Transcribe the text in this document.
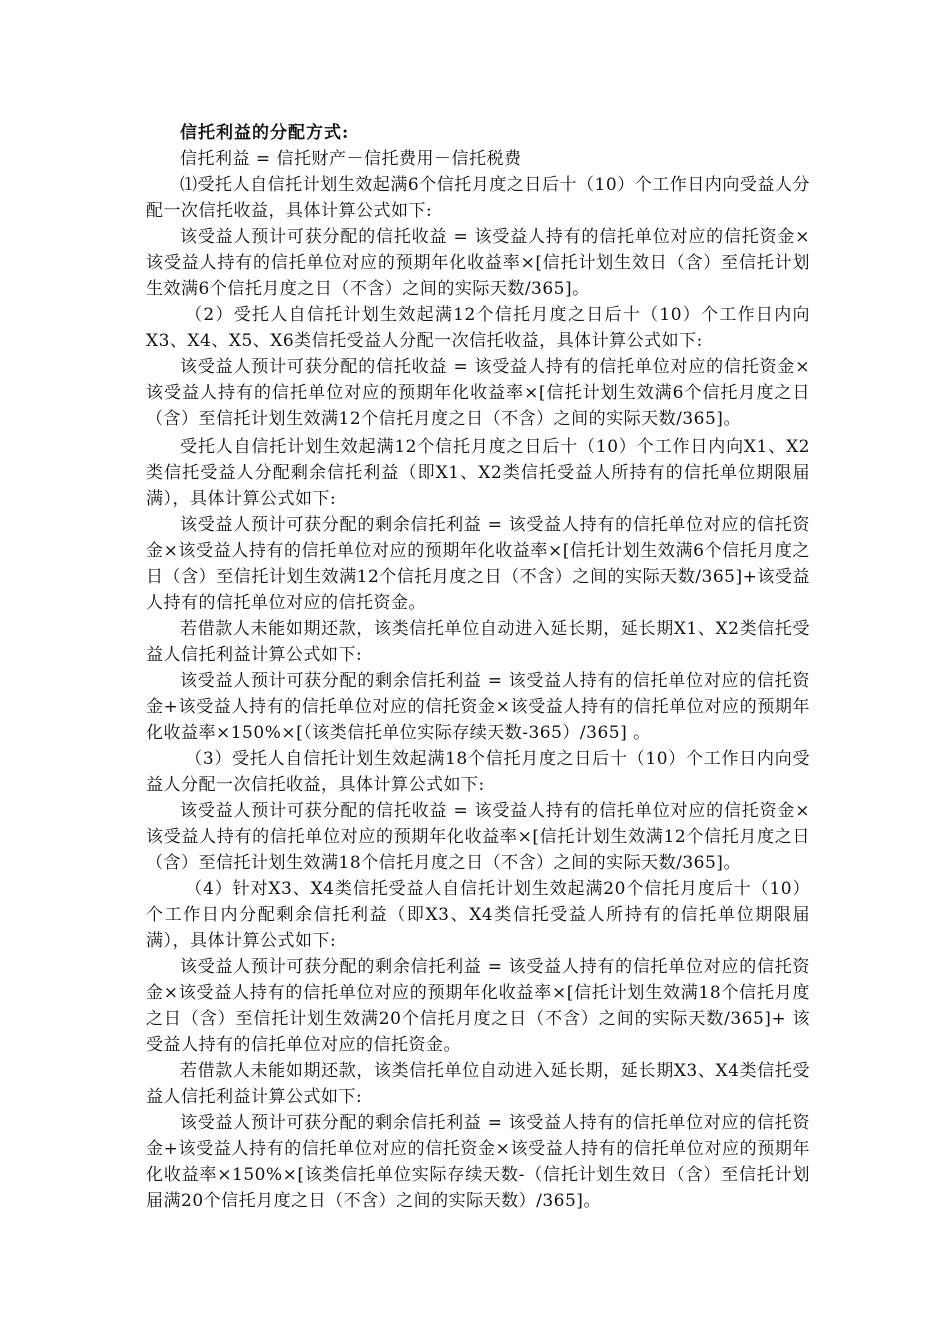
信托利益的分配方式:

信托利益 = 信托财产－信托费用－信托税费

⑴受托人自信托计划生效起满6个信托月度之日后十（10）个工作日内向受益人分配一次信托收益，具体计算公式如下:

该受益人预计可获分配的信托收益 = 该受益人持有的信托单位对应的信托资金×该受益人持有的信托单位对应的预期年化收益率×[信托计划生效日（含）至信托计划生效满6个信托月度之日（不含）之间的实际天数/365]。

（2）受托人自信托计划生效起满12个信托月度之日后十（10）个工作日内向X3、X4、X5、X6类信托受益人分配一次信托收益，具体计算公式如下:

该受益人预计可获分配的信托收益 = 该受益人持有的信托单位对应的信托资金×该受益人持有的信托单位对应的预期年化收益率×[信托计划生效满6个信托月度之日（含）至信托计划生效满12个信托月度之日（不含）之间的实际天数/365]。

受托人自信托计划生效起满12个信托月度之日后十（10）个工作日内向X1、X2类信托受益人分配剩余信托利益（即X1、X2类信托受益人所持有的信托单位期限届满），具体计算公式如下:

该受益人预计可获分配的剩余信托利益 = 该受益人持有的信托单位对应的信托资金×该受益人持有的信托单位对应的预期年化收益率×[信托计划生效满6个信托月度之日（含）至信托计划生效满12个信托月度之日（不含）之间的实际天数/365]+该受益人持有的信托单位对应的信托资金。

若借款人未能如期还款，该类信托单位自动进入延长期，延长期X1、X2类信托受益人信托利益计算公式如下:

该受益人预计可获分配的剩余信托利益 = 该受益人持有的信托单位对应的信托资金+该受益人持有的信托单位对应的信托资金×该受益人持有的信托单位对应的预期年化收益率×150%×[（该类信托单位实际存续天数-365）/365] 。

（3）受托人自信托计划生效起满18个信托月度之日后十（10）个工作日内向受益人分配一次信托收益，具体计算公式如下:

该受益人预计可获分配的信托收益 = 该受益人持有的信托单位对应的信托资金×该受益人持有的信托单位对应的预期年化收益率×[信托计划生效满12个信托月度之日（含）至信托计划生效满18个信托月度之日（不含）之间的实际天数/365]。

（4）针对X3、X4类信托受益人自信托计划生效起满20个信托月度后十（10）个工作日内分配剩余信托利益（即X3、X4类信托受益人所持有的信托单位期限届满），具体计算公式如下:

该受益人预计可获分配的剩余信托利益 = 该受益人持有的信托单位对应的信托资金×该受益人持有的信托单位对应的预期年化收益率×[信托计划生效满18个信托月度之日（含）至信托计划生效满20个信托月度之日（不含）之间的实际天数/365]+ 该受益人持有的信托单位对应的信托资金。

若借款人未能如期还款，该类信托单位自动进入延长期，延长期X3、X4类信托受益人信托利益计算公式如下:

该受益人预计可获分配的剩余信托利益 = 该受益人持有的信托单位对应的信托资金+该受益人持有的信托单位对应的信托资金×该受益人持有的信托单位对应的预期年化收益率×150%×[该类信托单位实际存续天数-（信托计划生效日（含）至信托计划届满20个信托月度之日（不含）之间的实际天数）/365]。
